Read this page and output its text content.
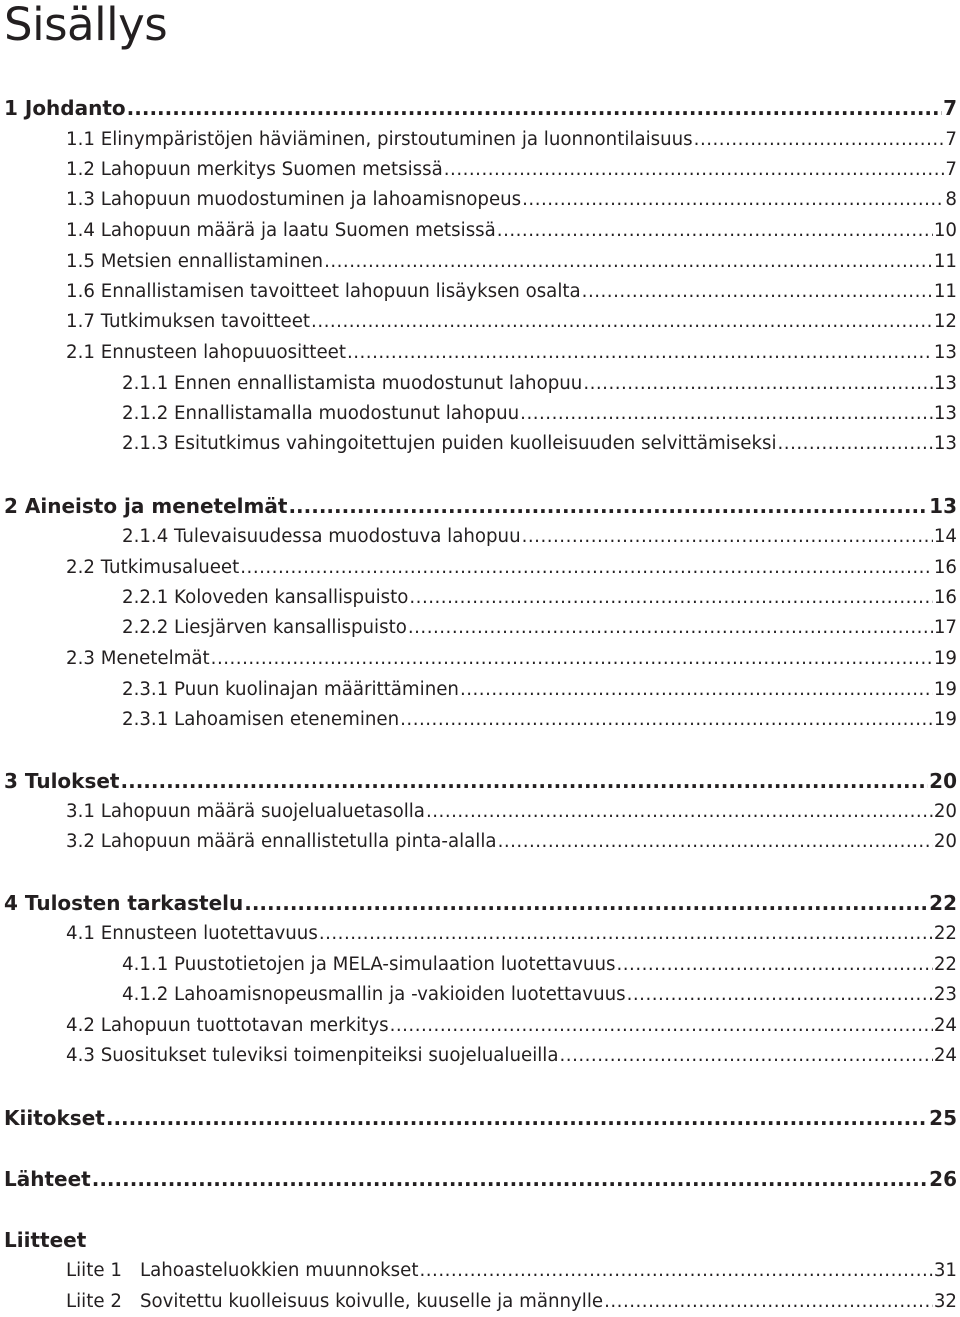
Sisällys
1 Johdanto .....	7
1.1 Elinympäristöjen häviäminen, pirstoutuminen ja luonnontilaisuus .....	7
1.2 Lahopuun merkitys Suomen metsissä .....	7
1.3 Lahopuun muodostuminen ja lahoamisnopeus .....	8
1.4 Lahopuun määrä ja laatu Suomen metsissä .....	10
1.5 Metsien ennallistaminen .....	11
1.6 Ennallistamisen tavoitteet lahopuun lisäyksen osalta .....	11
1.7 Tutkimuksen tavoitteet .....	12
2.1 Ennusteen lahopuuositteet .....	13
2.1.1 Ennen ennallistamista muodostunut lahopuu .....	13
2.1.2 Ennallistamalla muodostunut lahopuu .....	13
2.1.3 Esitutkimus vahingoitettujen puiden kuolleisuuden selvittämiseksi .....	13
2 Aineisto ja menetelmät .....	13
2.1.4 Tulevaisuudessa muodostuva lahopuu .....	14
2.2 Tutkimusalueet .....	16
2.2.1 Koloveden kansallispuisto .....	16
2.2.2 Liesjärven kansallispuisto .....	17
2.3 Menetelmät .....	19
2.3.1 Puun kuolinajan määrittäminen .....	19
2.3.1 Lahoamisen eteneminen .....	19
3 Tulokset .....	20
3.1 Lahopuun määrä suojelualuetasolla .....	20
3.2 Lahopuun määrä ennallistetulla pinta-alalla .....	20
4 Tulosten tarkastelu .....	22
4.1 Ennusteen luotettavuus .....	22
4.1.1 Puustotietojen ja MELA-simulaation luotettavuus .....	22
4.1.2 Lahoamisnopeusmallin ja -vakioiden luotettavuus .....	23
4.2 Lahopuun tuottotavan merkitys .....	24
4.3 Suositukset tuleviksi toimenpiteiksi suojelualueilla .....	24
Kiitokset .....	25
Lähteet .....	26
Liitteet
Liite 1 Lahoasteluokkien muunnokset .....	31
Liite 2 Sovitettu kuolleisuus koivulle, kuuselle ja männylle .....	32
